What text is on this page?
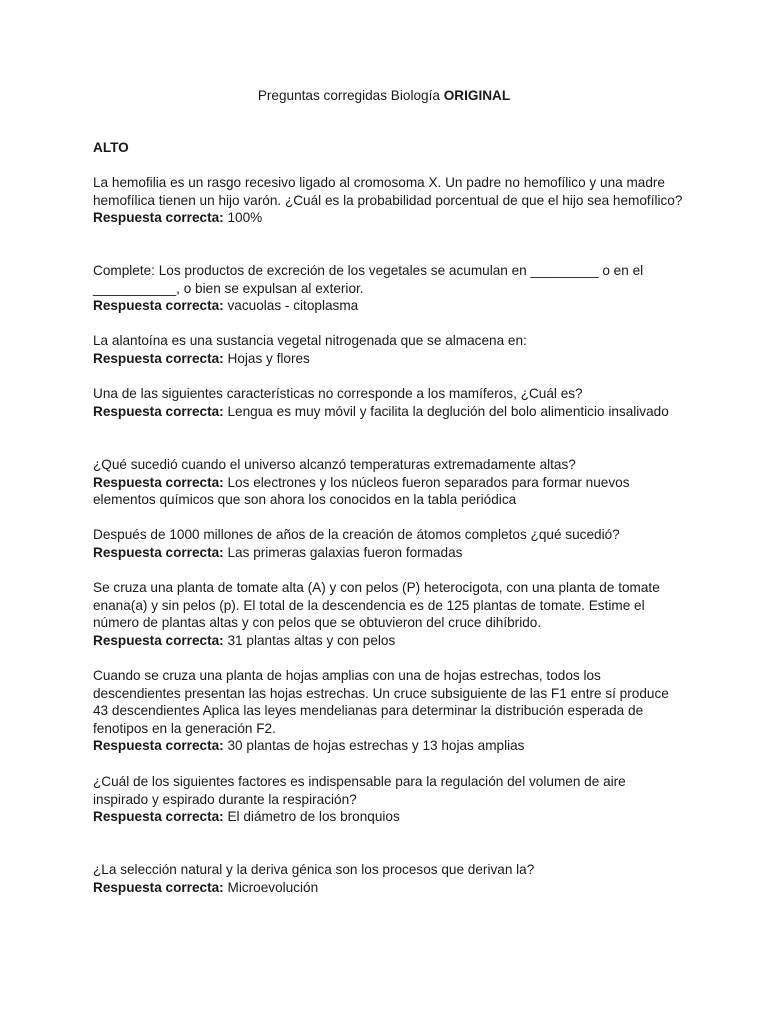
Preguntas corregidas Biología ORIGINAL
ALTO

La hemofilia es un rasgo recesivo ligado al cromosoma X. Un padre no hemofílico y una madre hemofílica tienen un hijo varón. ¿Cuál es la probabilidad porcentual de que el hijo sea hemofílico?

Respuesta correcta: 100%

Complete: Los productos de excreción de los vegetales se acumulan en _________ o en el ___________, o bien se expulsan al exterior.

Respuesta correcta: vacuolas - citoplasma

La alantoína es una sustancia vegetal nitrogenada que se almacena en:

Respuesta correcta: Hojas y flores

Una de las siguientes características no corresponde a los mamíferos, ¿Cuál es?

Respuesta correcta: Lengua es muy móvil y facilita la deglución del bolo alimenticio insalivado

¿Qué sucedió cuando el universo alcanzó temperaturas extremadamente altas?

Respuesta correcta: Los electrones y los núcleos fueron separados para formar nuevos elementos químicos que son ahora los conocidos en la tabla periódica

Después de 1000 millones de años de la creación de átomos completos ¿qué sucedió?

Respuesta correcta: Las primeras galaxias fueron formadas

Se cruza una planta de tomate alta (A) y con pelos (P) heterocigota, con una planta de tomate enana(a) y sin pelos (p). El total de la descendencia es de 125 plantas de tomate. Estime el número de plantas altas y con pelos que se obtuvieron del cruce dihíbrido.

Respuesta correcta: 31 plantas altas y con pelos

Cuando se cruza una planta de hojas amplias con una de hojas estrechas, todos los descendientes presentan las hojas estrechas. Un cruce subsiguiente de las F1 entre sí produce 43 descendientes Aplica las leyes mendelianas para determinar la distribución esperada de fenotipos en la generación F2.

Respuesta correcta: 30 plantas de hojas estrechas y 13 hojas amplias

¿Cuál de los siguientes factores es indispensable para la regulación del volumen de aire inspirado y espirado durante la respiración?

Respuesta correcta: El diámetro de los bronquios

¿La selección natural y la deriva génica son los procesos que derivan la?

Respuesta correcta: Microevolución
